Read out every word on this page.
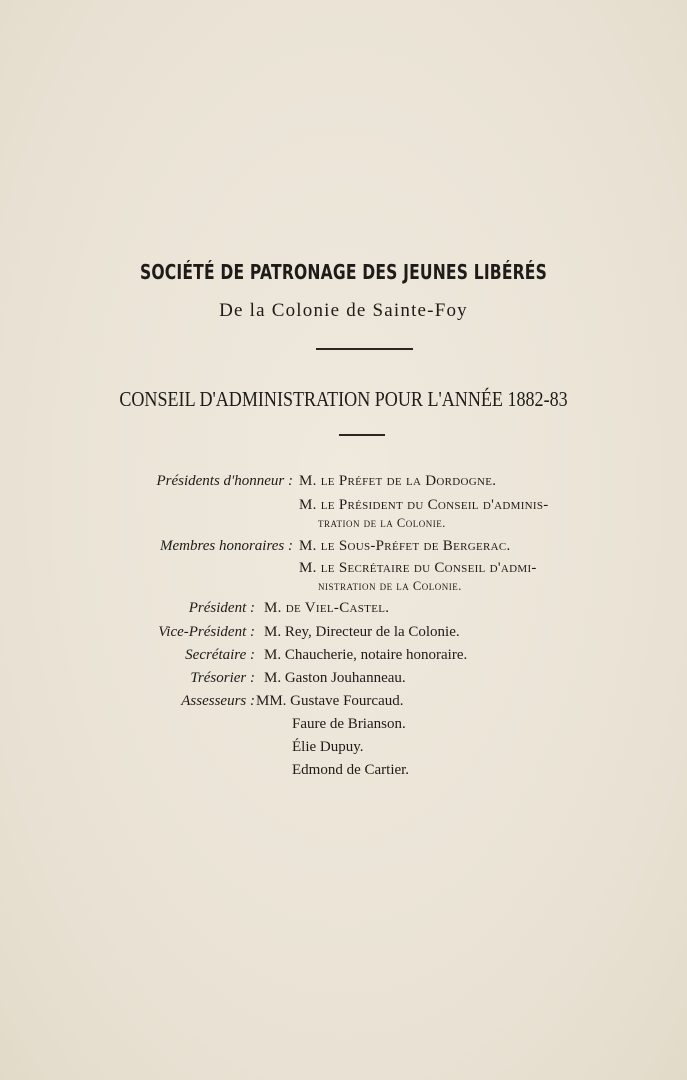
SOCIÉTÉ DE PATRONAGE DES JEUNES LIBÉRÉS
De la Colonie de Sainte-Foy
CONSEIL D'ADMINISTRATION POUR L'ANNÉE 1882-83
Présidents d'honneur : M. le Préfet de la Dordogne.
M. le Président du Conseil d'adminis-
tration de la Colonie.
Membres honoraires : M. le Sous-Préfet de Bergerac.
M. le Secrétaire du Conseil d'admi-
nistration de la Colonie.
Président : M. de Viel-Castel.
Vice-Président : M. Rey, Directeur de la Colonie.
Secrétaire : M. Chaucherie, notaire honoraire.
Trésorier : M. Gaston Jouhanneau.
Assesseurs : MM. Gustave Fourcaud.
Faure de Brianson.
Élie Dupuy.
Edmond de Cartier.
